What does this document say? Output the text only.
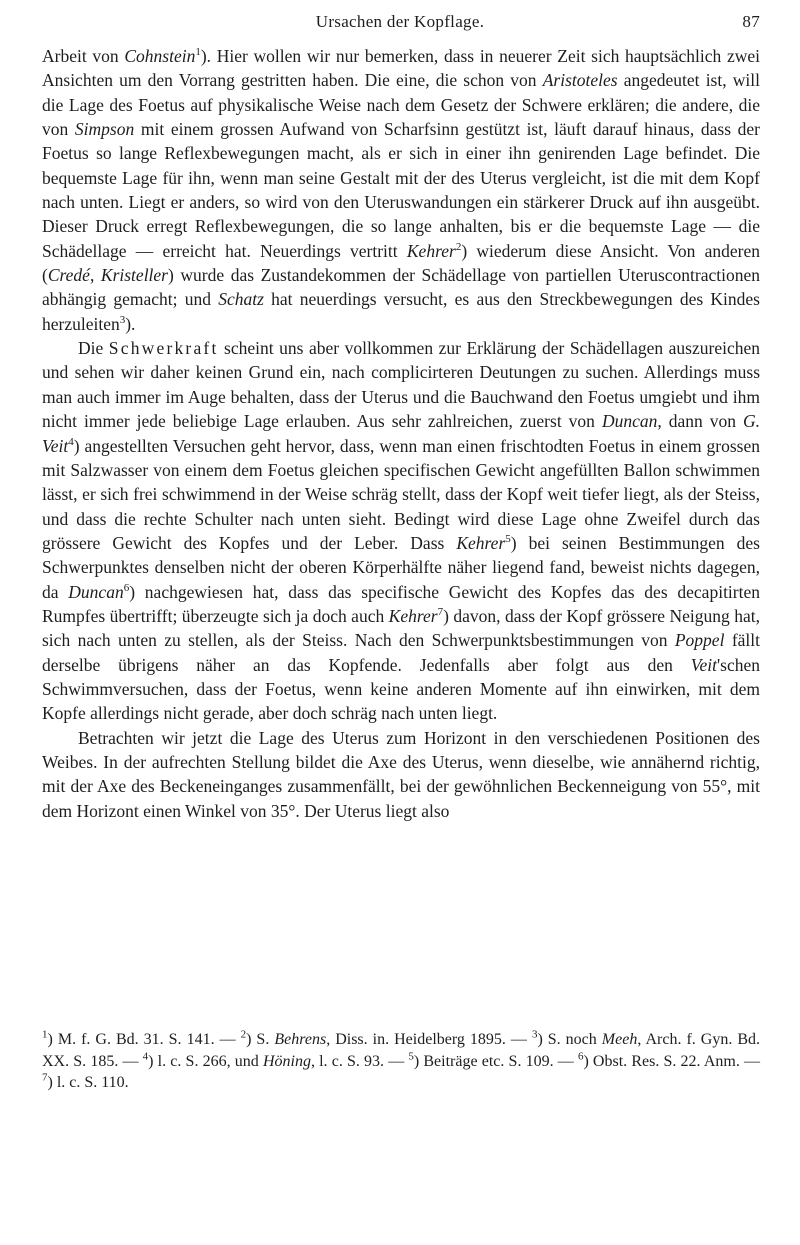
Ursachen der Kopflage.	87

Arbeit von Cohnstein$^1$). Hier wollen wir nur bemerken, dass in neuerer Zeit sich hauptsächlich zwei Ansichten um den Vorrang gestritten haben. Die eine, die schon von Aristoteles angedeutet ist, will die Lage des Foetus auf physikalische Weise nach dem Gesetz der Schwere erklären; die andere, die von Simpson mit einem grossen Aufwand von Scharfsinn gestützt ist, läuft darauf hinaus, dass der Foetus so lange Reflexbewegungen macht, als er sich in einer ihn genirenden Lage befindet. Die bequemste Lage für ihn, wenn man seine Gestalt mit der des Uterus vergleicht, ist die mit dem Kopf nach unten. Liegt er anders, so wird von den Uteruswandungen ein stärkerer Druck auf ihn ausgeübt. Dieser Druck erregt Reflexbewegungen, die so lange anhalten, bis er die bequemste Lage — die Schädellage — erreicht hat. Neuerdings vertritt Kehrer$^2$) wiederum diese Ansicht. Von anderen (Credé, Kristeller) wurde das Zustandekommen der Schädellage von partiellen Uteruscontractionen abhängig gemacht; und Schatz hat neuerdings versucht, es aus den Streckbewegungen des Kindes herzuleiten$^3$).

Die Schwerkraft scheint uns aber vollkommen zur Erklärung der Schädellagen auszureichen und sehen wir daher keinen Grund ein, nach complicirteren Deutungen zu suchen. Allerdings muss man auch immer im Auge behalten, dass der Uterus und die Bauchwand den Foetus umgiebt und ihm nicht immer jede beliebige Lage erlauben. Aus sehr zahlreichen, zuerst von Duncan, dann von G. Veit$^4$) angestellten Versuchen geht hervor, dass, wenn man einen frischtodten Foetus in einem grossen mit Salzwasser von einem dem Foetus gleichen specifischen Gewicht angefüllten Ballon schwimmen lässt, er sich frei schwimmend in der Weise schräg stellt, dass der Kopf weit tiefer liegt, als der Steiss, und dass die rechte Schulter nach unten sieht. Bedingt wird diese Lage ohne Zweifel durch das grössere Gewicht des Kopfes und der Leber. Dass Kehrer$^5$) bei seinen Bestimmungen des Schwerpunktes denselben nicht der oberen Körperhälfte näher liegend fand, beweist nichts dagegen, da Duncan$^6$) nachgewiesen hat, dass das specifische Gewicht des Kopfes das des decapitirten Rumpfes übertrifft; überzeugte sich ja doch auch Kehrer$^7$) davon, dass der Kopf grössere Neigung hat, sich nach unten zu stellen, als der Steiss. Nach den Schwerpunktsbestimmungen von Poppel fällt derselbe übrigens näher an das Kopfende. Jedenfalls aber folgt aus den Veit'schen Schwimmversuchen, dass der Foetus, wenn keine anderen Momente auf ihn einwirken, mit dem Kopfe allerdings nicht gerade, aber doch schräg nach unten liegt.

Betrachten wir jetzt die Lage des Uterus zum Horizont in den verschiedenen Positionen des Weibes. In der aufrechten Stellung bildet die Axe des Uterus, wenn dieselbe, wie annähernd richtig, mit der Axe des Beckeneinganges zusammenfällt, bei der gewöhnlichen Beckenneigung von 55°, mit dem Horizont einen Winkel von 35°. Der Uterus liegt also

$^1$) M. f. G. Bd. 31. S. 141. — $^2$) S. Behrens, Diss. in. Heidelberg 1895. — $^3$) S. noch Meeh, Arch. f. Gyn. Bd. XX. S. 185. — $^4$) l. c. S. 266, und Höning, l. c. S. 93. — $^5$) Beiträge etc. S. 109. — $^6$) Obst. Res. S. 22. Anm. — $^7$) l. c. S. 110.
